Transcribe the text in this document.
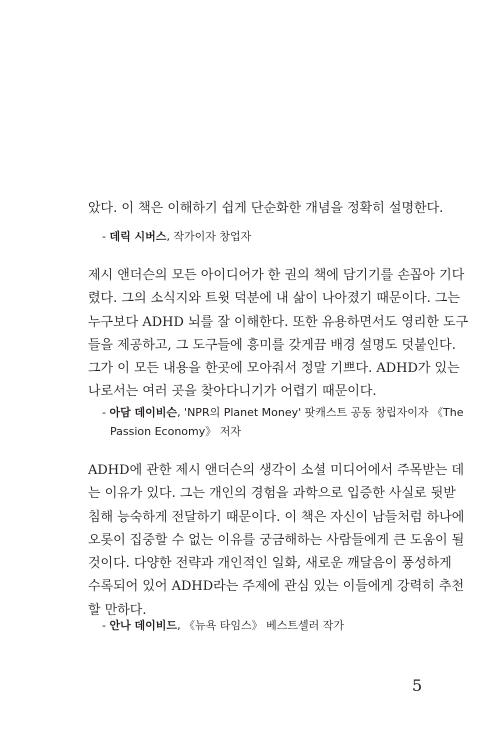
았다. 이 책은 이해하기 쉽게 단순화한 개념을 정확히 설명한다.

- 데릭 시버스, 작가이자 창업자

제시 앤더슨의 모든 아이디어가 한 권의 책에 담기기를 손꼽아 기다
렸다. 그의 소식지와 트윗 덕분에 내 삶이 나아졌기 때문이다. 그는
누구보다 ADHD 뇌를 잘 이해한다. 또한 유용하면서도 영리한 도구
들을 제공하고, 그 도구들에 흥미를 갖게끔 배경 설명도 덧붙인다.
그가 이 모든 내용을 한곳에 모아줘서 정말 기쁘다. ADHD가 있는
나로서는 여러 곳을 찾아다니기가 어렵기 때문이다.

- 아담 데이비슨, 'NPR의 Planet Money' 팟캐스트 공동 창립자이자 《The
Passion Economy》 저자

ADHD에 관한 제시 앤더슨의 생각이 소셜 미디어에서 주목받는 데
는 이유가 있다. 그는 개인의 경험을 과학으로 입증한 사실로 뒷받
침해 능숙하게 전달하기 때문이다. 이 책은 자신이 남들처럼 하나에
오롯이 집중할 수 없는 이유를 궁금해하는 사람들에게 큰 도움이 될
것이다. 다양한 전략과 개인적인 일화, 새로운 깨달음이 풍성하게
수록되어 있어 ADHD라는 주제에 관심 있는 이들에게 강력히 추천
할 만하다.

- 안나 데이비드, 《뉴욕 타임스》 베스트셀러 작가

5
